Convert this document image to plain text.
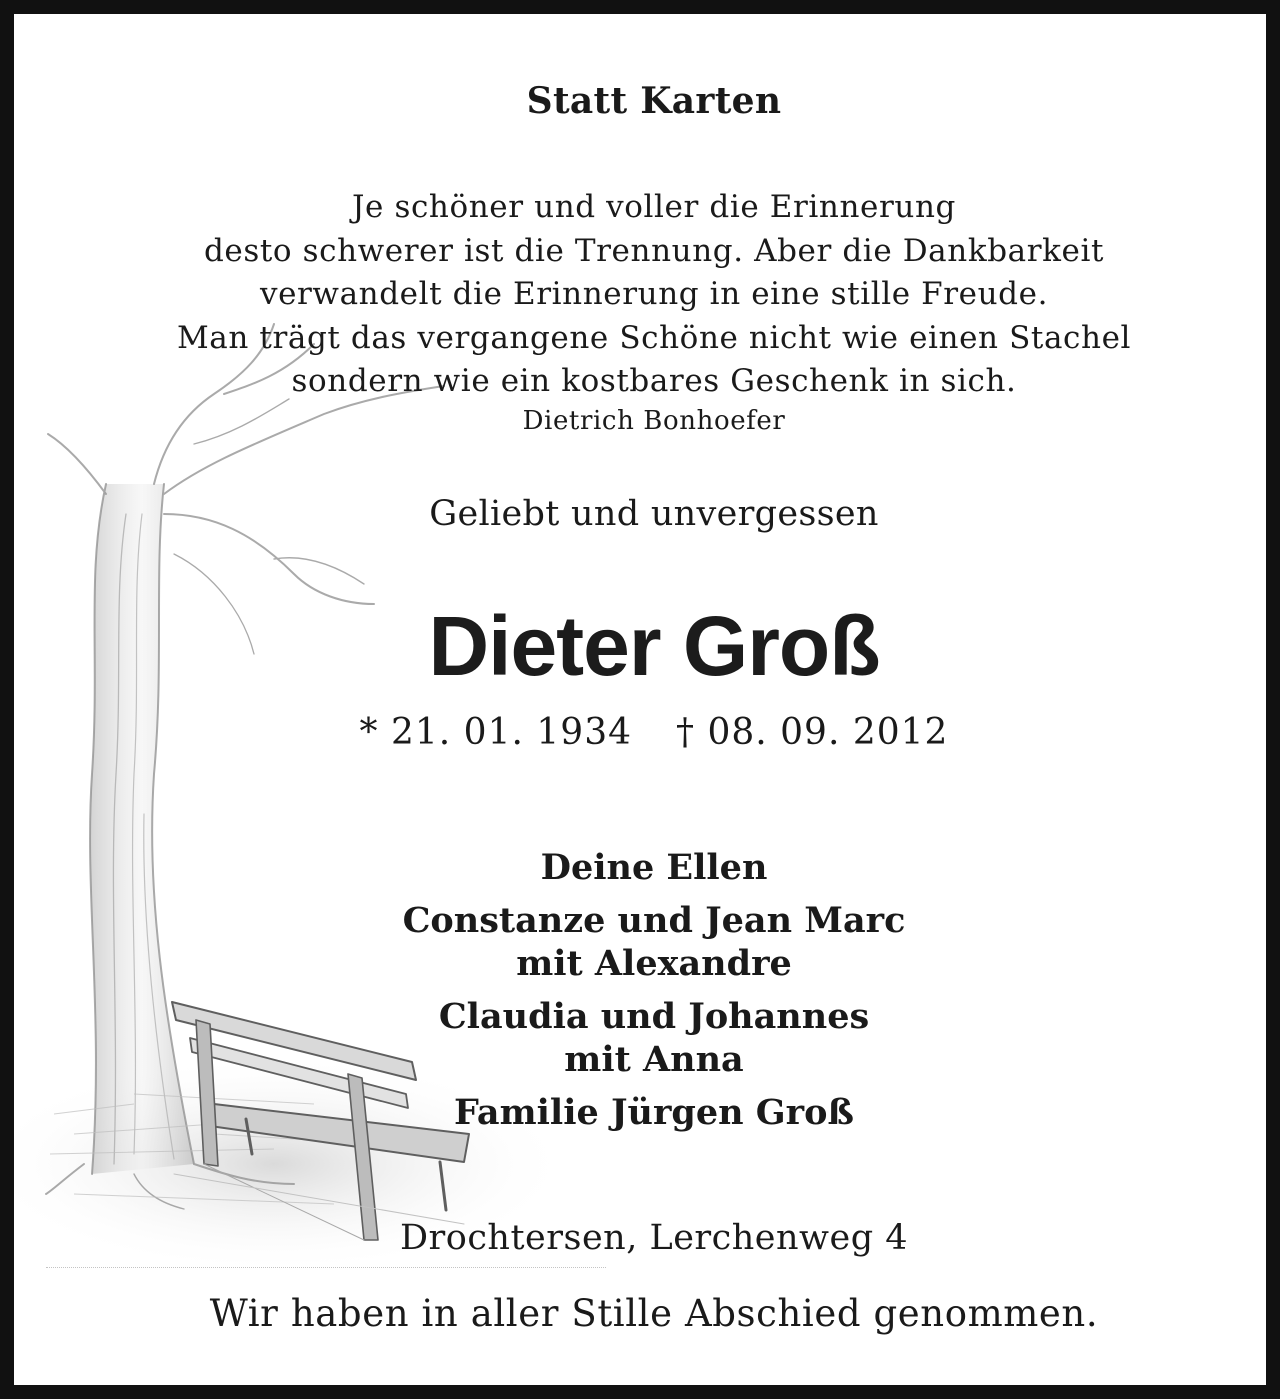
Statt Karten
Je schöner und voller die Erinnerung
desto schwerer ist die Trennung. Aber die Dankbarkeit
verwandelt die Erinnerung in eine stille Freude.
Man trägt das vergangene Schöne nicht wie einen Stachel
sondern wie ein kostbares Geschenk in sich.
Dietrich Bonhoefer
Geliebt und unvergessen
Dieter Groß
* 21. 01. 1934 † 08. 09. 2012
Deine Ellen
Constanze und Jean Marc
mit Alexandre
Claudia und Johannes
mit Anna
Familie Jürgen Groß
Drochtersen, Lerchenweg 4
Wir haben in aller Stille Abschied genommen.
